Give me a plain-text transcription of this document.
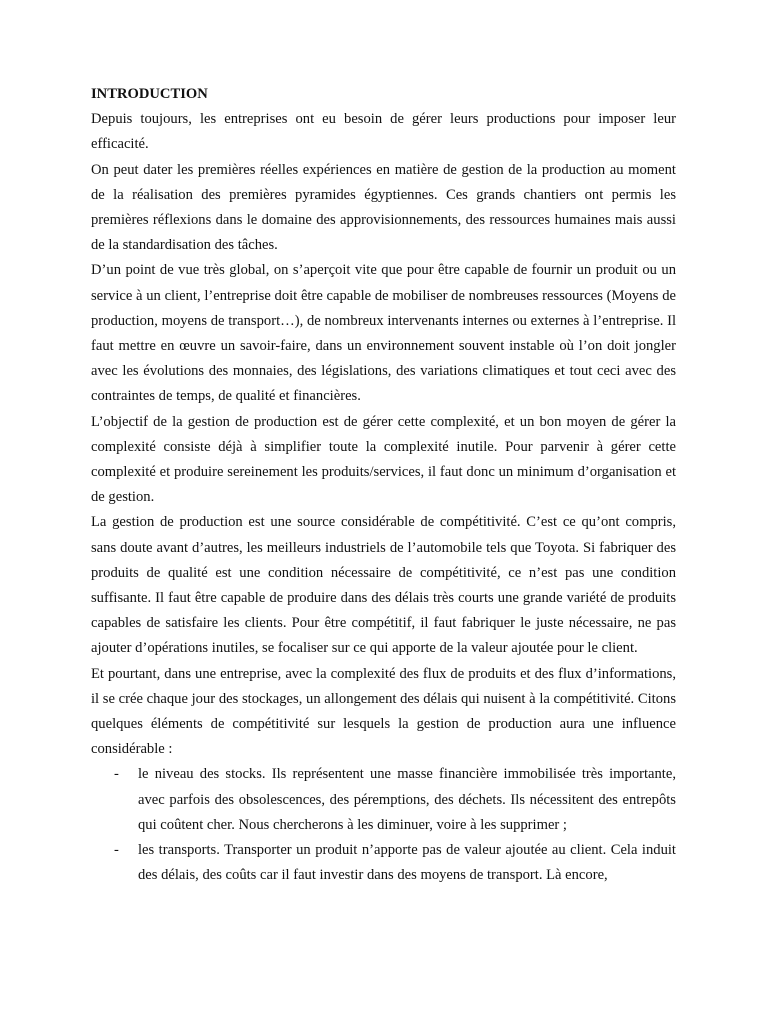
INTRODUCTION

Depuis toujours, les entreprises ont eu besoin de gérer leurs productions pour imposer leur efficacité.

On peut dater les premières réelles expériences en matière de gestion de la production au moment de la réalisation des premières pyramides égyptiennes. Ces grands chantiers ont permis les premières réflexions dans le domaine des approvisionnements, des ressources humaines mais aussi de la standardisation des tâches.

D’un point de vue très global, on s’aperçoit vite que pour être capable de fournir un produit ou un service à un client, l’entreprise doit être capable de mobiliser de nombreuses ressources (Moyens de production, moyens de transport…), de nombreux intervenants internes ou externes à l’entreprise. Il faut mettre en œuvre un savoir-faire, dans un environnement souvent instable où l’on doit jongler avec les évolutions des monnaies, des législations, des variations climatiques et tout ceci avec des contraintes de temps, de qualité et financières.

L’objectif de la gestion de production est de gérer cette complexité, et un bon moyen de gérer la complexité consiste déjà à simplifier toute la complexité inutile. Pour parvenir à gérer cette complexité et produire sereinement les produits/services, il faut donc un minimum d’organisation et de gestion.

La gestion de production est une source considérable de compétitivité. C’est ce qu’ont compris, sans doute avant d’autres, les meilleurs industriels de l’automobile tels que Toyota. Si fabriquer des produits de qualité est une condition nécessaire de compétitivité, ce n’est pas une condition suffisante. Il faut être capable de produire dans des délais très courts une grande variété de produits capables de satisfaire les clients. Pour être compétitif, il faut fabriquer le juste nécessaire, ne pas ajouter d’opérations inutiles, se focaliser sur ce qui apporte de la valeur ajoutée pour le client.

Et pourtant, dans une entreprise, avec la complexité des flux de produits et des flux d’informations, il se crée chaque jour des stockages, un allongement des délais qui nuisent à la compétitivité. Citons quelques éléments de compétitivité sur lesquels la gestion de production aura une influence considérable :

- le niveau des stocks. Ils représentent une masse financière immobilisée très importante, avec parfois des obsolescences, des péremptions, des déchets. Ils nécessitent des entrepôts qui coûtent cher. Nous chercherons à les diminuer, voire à les supprimer ;
- les transports. Transporter un produit n’apporte pas de valeur ajoutée au client. Cela induit des délais, des coûts car il faut investir dans des moyens de transport. Là encore,
